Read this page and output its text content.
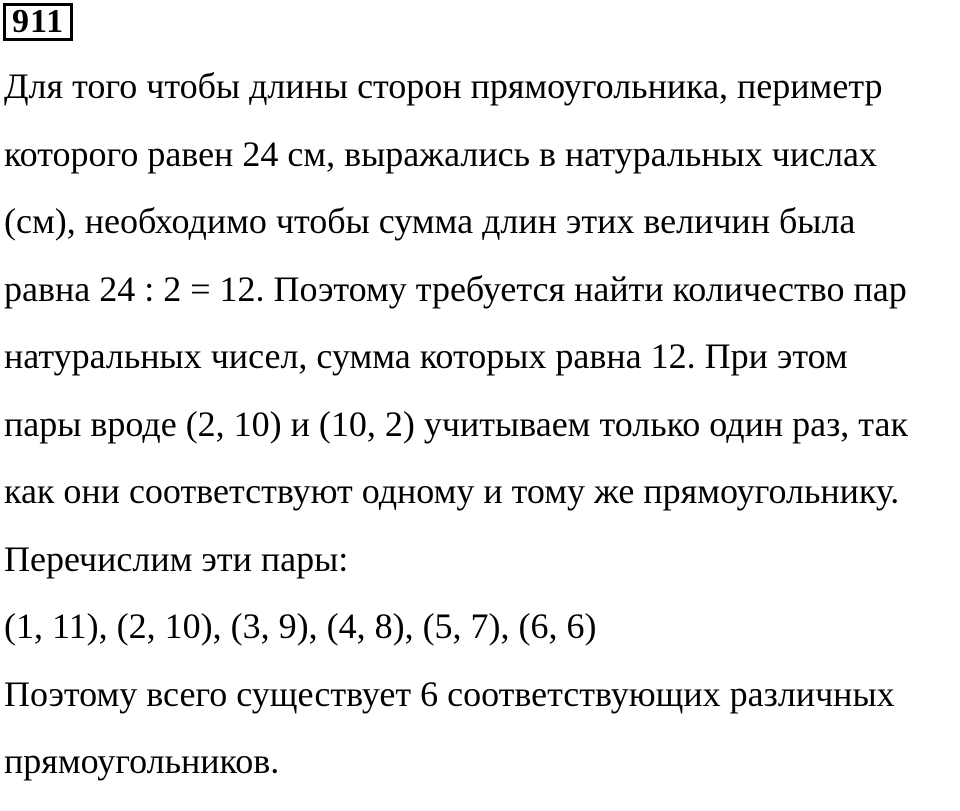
911
Для того чтобы длины сторон прямоугольника, периметр
которого равен 24 см, выражались в натуральных числах
(см), необходимо чтобы сумма длин этих величин была
равна 24 : 2 = 12. Поэтому требуется найти количество пар
натуральных чисел, сумма которых равна 12. При этом
пары вроде (2, 10) и (10, 2) учитываем только один раз, так
как они соответствуют одному и тому же прямоугольнику.
Перечислим эти пары:
(1, 11), (2, 10), (3, 9), (4, 8), (5, 7), (6, 6)
Поэтому всего существует 6 соответствующих различных
прямоугольников.
